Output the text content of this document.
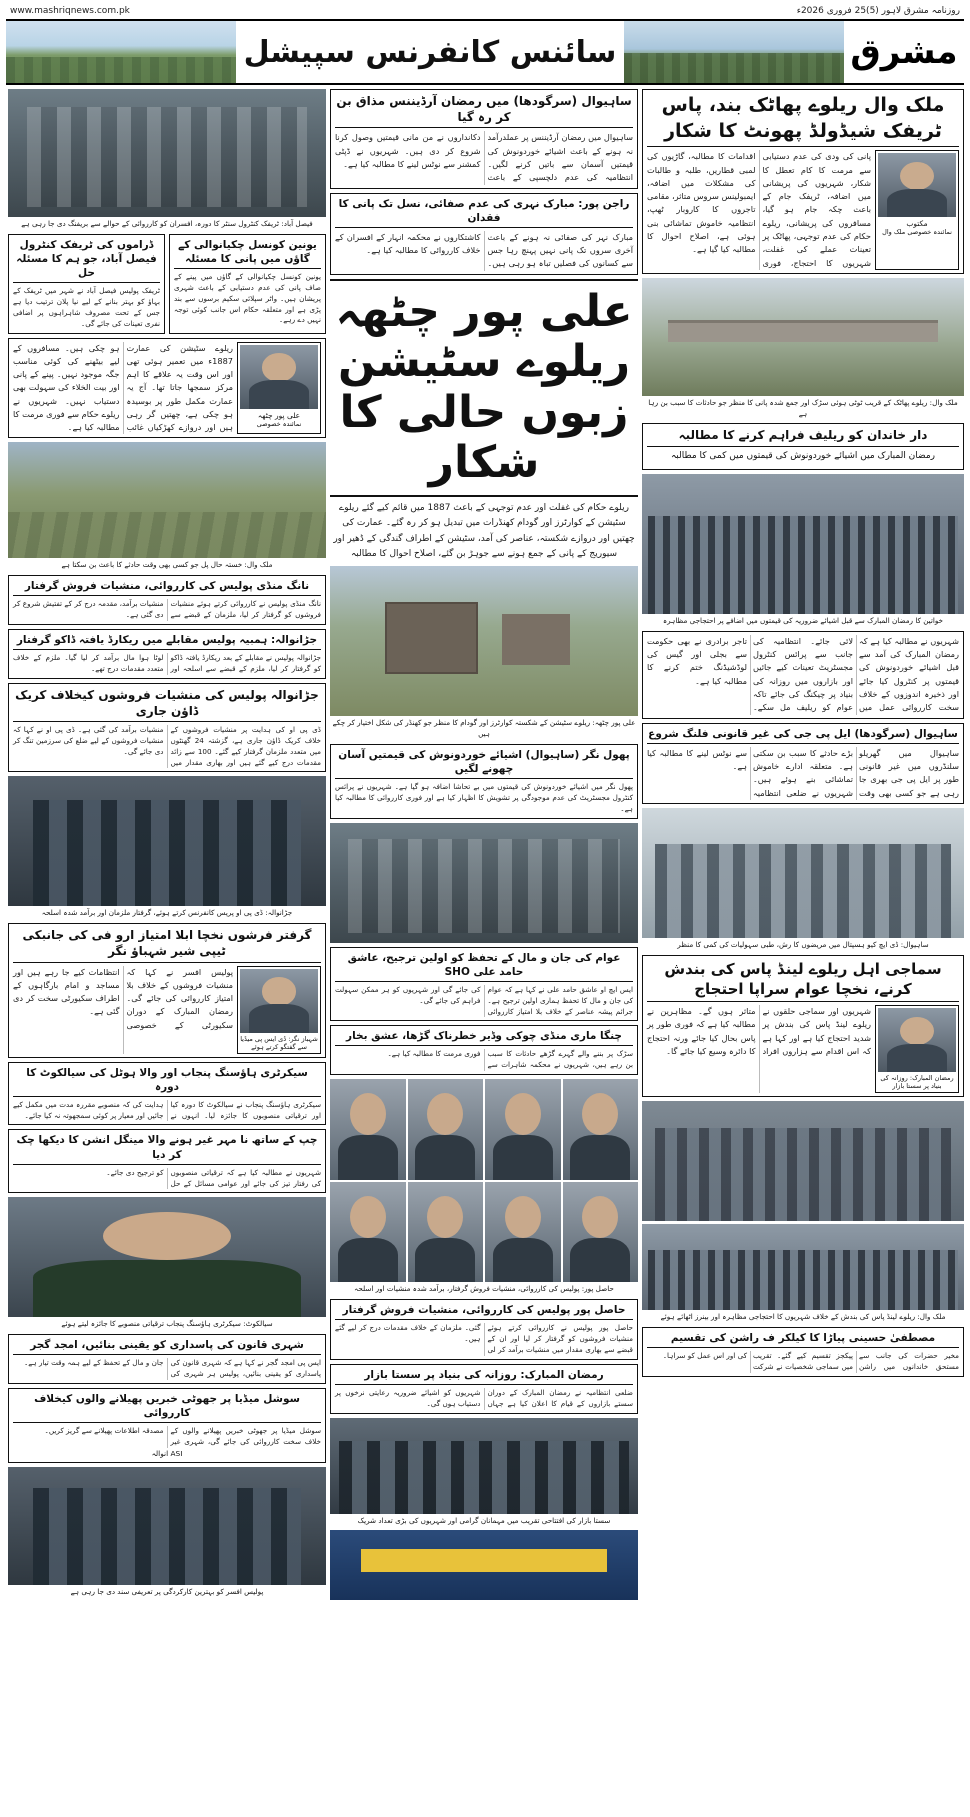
www.mashriqnews.com.pk	روزنامہ مشرق لاہور (5)25 فروری 2026ء
مشرق
سائنس کانفرنس سپیشل
ملک وال ریلوے پھاٹک بند، پاس ٹریفک شیڈولڈ پھونٹ کا شکار
مکتوب
نمائندہ خصوصی ملک وال
پانی کی ودی کی عدم دستیابی سے مرمت کا کام تعطل کا شکار، شہریوں کی پریشانی میں اضافہ، ٹریفک جام کے باعث چکہ جام ہو گیا، مسافروں کی پریشانی، ریلوے حکام کی عدم توجہی، پھاٹک پر تعینات عملے کی غفلت، شہریوں کا احتجاج، فوری اقدامات کا مطالبہ، گاڑیوں کی لمبی قطاریں، طلبہ و طالبات کی مشکلات میں اضافہ، ایمبولینس سروس متاثر، مقامی تاجروں کا کاروبار ٹھپ، انتظامیہ خاموش تماشائی بنی ہوئی ہے، اصلاح احوال کا مطالبہ کیا گیا ہے۔
ملک وال: ریلوے پھاٹک کے قریب ٹوٹی ہوئی سڑک اور جمع شدہ پانی کا منظر جو حادثات کا سبب بن رہا ہے
دار خاندان کو ریلیف فراہم کرنے کا مطالبہ
رمضان المبارک میں اشیائے خوردونوش کی قیمتوں میں کمی کا مطالبہ
خواتین کا رمضان المبارک سے قبل اشیائے ضروریہ کی قیمتوں میں اضافے پر احتجاجی مظاہرہ
شہریوں نے مطالبہ کیا ہے کہ رمضان المبارک کی آمد سے قبل اشیائے خوردونوش کی قیمتوں پر کنٹرول کیا جائے اور ذخیرہ اندوزوں کے خلاف سخت کارروائی عمل میں لائی جائے۔ انتظامیہ کی جانب سے پرائس کنٹرول مجسٹریٹ تعینات کیے جائیں اور بازاروں میں روزانہ کی بنیاد پر چیکنگ کی جائے تاکہ عوام کو ریلیف مل سکے۔ تاجر برادری نے بھی حکومت سے بجلی اور گیس کی لوڈشیڈنگ ختم کرنے کا مطالبہ کیا ہے۔
ساہیوال (سرگودھا) ایل پی جی کی غیر قانونی فلنگ شروع
ساہیوال میں گھریلو سلنڈروں میں غیر قانونی طور پر ایل پی جی بھری جا رہی ہے جو کسی بھی وقت بڑے حادثے کا سبب بن سکتی ہے۔ متعلقہ ادارے خاموش تماشائی بنے ہوئے ہیں۔ شہریوں نے ضلعی انتظامیہ سے نوٹس لینے کا مطالبہ کیا ہے۔
ساہیوال: ڈی ایچ کیو ہسپتال میں مریضوں کا رش، طبی سہولیات کی کمی کا منظر
سماجی اہل ریلوے لینڈ پاس کی بندش کرنے، نخچا عوام سراپا احتجاج
رمضان المبارک: روزانہ کی بنیاد پر سستا بازار
شہریوں اور سماجی حلقوں نے ریلوے لینڈ پاس کی بندش پر شدید احتجاج کیا ہے اور کہا ہے کہ اس اقدام سے ہزاروں افراد متاثر ہوں گے۔ مظاہرین نے مطالبہ کیا ہے کہ فوری طور پر پاس بحال کیا جائے ورنہ احتجاج کا دائرہ وسیع کیا جائے گا۔
ملک وال: ریلوے لینڈ پاس کی بندش کے خلاف شہریوں کا احتجاجی مظاہرہ اور بینرز اٹھائے ہوئے
مصطفیٰ حسینی پیاڑا کا کیلکر ف راشن کی تقسیم
مخیر حضرات کی جانب سے مستحق خاندانوں میں راشن پیکجز تقسیم کیے گئے۔ تقریب میں سماجی شخصیات نے شرکت کی اور اس عمل کو سراہا۔
ساہیوال (سرگودھا) میں رمضان آرڈیننس مذاق بن کر رہ گیا
ساہیوال میں رمضان آرڈیننس پر عملدرآمد نہ ہونے کے باعث اشیائے خوردونوش کی قیمتیں آسمان سے باتیں کرنے لگیں۔ انتظامیہ کی عدم دلچسپی کے باعث دکانداروں نے من مانی قیمتیں وصول کرنا شروع کر دی ہیں۔ شہریوں نے ڈپٹی کمشنر سے نوٹس لینے کا مطالبہ کیا ہے۔
راجن پور: مبارک نہری کی عدم صفائی، نسل تک پانی کا فقدان
مبارک نہر کی صفائی نہ ہونے کے باعث آخری سروں تک پانی نہیں پہنچ رہا جس سے کسانوں کی فصلیں تباہ ہو رہی ہیں۔ کاشتکاروں نے محکمہ انہار کے افسران کے خلاف کارروائی کا مطالبہ کیا ہے۔
علی پور چٹھہ ریلوے سٹیشن زبوں حالی کا شکار
ریلوے حکام کی غفلت اور عدم توجہی کے باعث 1887 میں قائم کیے گئے ریلوے سٹیشن کے کوارٹرز اور گودام کھنڈرات میں تبدیل ہو کر رہ گئے۔ عمارت کی چھتیں اور دروازے شکستہ، عناصر کی آمد، سٹیشن کے اطراف گندگی کے ڈھیر اور سیوریج کے پانی کے جمع ہونے سے جوہڑ بن گئے، اصلاح احوال کا مطالبہ
علی پور چٹھہ: ریلوے سٹیشن کے شکستہ کوارٹرز اور گودام کا منظر جو کھنڈر کی شکل اختیار کر چکے ہیں
پھول نگر (ساہیوال) اشیائے خوردونوش کی قیمتیں آسان چھونے لگیں
پھول نگر میں اشیائے خوردونوش کی قیمتوں میں بے تحاشا اضافہ ہو گیا ہے۔ شہریوں نے پرائس کنٹرول مجسٹریٹ کی عدم موجودگی پر تشویش کا اظہار کیا ہے اور فوری کارروائی کا مطالبہ کیا ہے۔
عوام کی جان و مال کے تحفظ کو اولین ترجیح، عاشق حامد علی SHO
ایس ایچ او عاشق حامد علی نے کہا ہے کہ عوام کی جان و مال کا تحفظ ہماری اولین ترجیح ہے۔ جرائم پیشہ عناصر کے خلاف بلا امتیاز کارروائی کی جائے گی اور شہریوں کو ہر ممکن سہولت فراہم کی جائے گی۔
چنگا ماری منڈی چوکی وڈیر خطرناک گڑھا، عشق بخار
سڑک پر بننے والے گہرے گڑھے حادثات کا سبب بن رہے ہیں، شہریوں نے محکمہ شاہرات سے فوری مرمت کا مطالبہ کیا ہے۔
حاصل پور: پولیس کی کارروائی، منشیات فروش گرفتار، برآمد شدہ منشیات اور اسلحہ
حاصل پور پولیس کی کارروائی، منشیات فروش گرفتار
حاصل پور پولیس نے کارروائی کرتے ہوئے منشیات فروشوں کو گرفتار کر لیا اور ان کے قبضے سے بھاری مقدار میں منشیات برآمد کر لی گئی۔ ملزمان کے خلاف مقدمات درج کر لیے گئے ہیں۔
رمضان المبارک: روزانہ کی بنیاد پر سستا بازار
ضلعی انتظامیہ نے رمضان المبارک کے دوران سستے بازاروں کے قیام کا اعلان کیا ہے جہاں شہریوں کو اشیائے ضروریہ رعایتی نرخوں پر دستیاب ہوں گی۔
سستا بازار کی افتتاحی تقریب میں مہمانان گرامی اور شہریوں کی بڑی تعداد شریک
فیصل آباد: ٹریفک کنٹرول سنٹر کا دورہ، افسران کو کارروائی کے حوالے سے بریفنگ دی جا رہی ہے
یونین کونسل چکیانوالی کے گاؤں میں پانی کا مسئلہ
یونین کونسل چکیانوالی کے گاؤں میں پینے کے صاف پانی کی عدم دستیابی کے باعث شہری پریشان ہیں۔ واٹر سپلائی سکیم برسوں سے بند پڑی ہے اور متعلقہ حکام اس جانب کوئی توجہ نہیں دے رہے۔
ڈراموں کی ٹریفک کنٹرول فیصل آباد، جو ہم کا مسئلہ حل
ٹریفک پولیس فیصل آباد نے شہر میں ٹریفک کے بہاؤ کو بہتر بنانے کے لیے نیا پلان ترتیب دیا ہے جس کے تحت مصروف شاہراہوں پر اضافی نفری تعینات کی جائے گی۔
علی پور چٹھہ
نمائندہ خصوصی
ریلوے سٹیشن کی عمارت 1887ء میں تعمیر ہوئی تھی اور اس وقت یہ علاقے کا اہم مرکز سمجھا جاتا تھا۔ آج یہ عمارت مکمل طور پر بوسیدہ ہو چکی ہے، چھتیں گر رہی ہیں اور دروازے کھڑکیاں غائب ہو چکی ہیں۔ مسافروں کے لیے بیٹھنے کی کوئی مناسب جگہ موجود نہیں۔ پینے کے پانی اور بیت الخلاء کی سہولت بھی دستیاب نہیں۔ شہریوں نے ریلوے حکام سے فوری مرمت کا مطالبہ کیا ہے۔
ملک وال: خستہ حال پل جو کسی بھی وقت حادثے کا باعث بن سکتا ہے
نانگ منڈی پولیس کی کارروائی، منشیات فروش گرفتار
نانگ منڈی پولیس نے کارروائی کرتے ہوئے منشیات فروشوں کو گرفتار کر لیا، ملزمان کے قبضے سے منشیات برآمد، مقدمہ درج کر کے تفتیش شروع کر دی گئی ہے۔
جڑانوالہ: ہمبیہ پولیس مقابلے میں ریکارڈ یافتہ ڈاکو گرفتار
جڑانوالہ پولیس نے مقابلے کے بعد ریکارڈ یافتہ ڈاکو کو گرفتار کر لیا، ملزم کے قبضے سے اسلحہ اور لوٹا ہوا مال برآمد کر لیا گیا۔ ملزم کے خلاف متعدد مقدمات درج تھے۔
جڑانوالہ پولیس کی منشیات فروشوں کیخلاف کریک ڈاؤن جاری
ڈی پی او کی ہدایت پر منشیات فروشوں کے خلاف کریک ڈاؤن جاری ہے، گزشتہ 24 گھنٹوں میں متعدد ملزمان گرفتار کیے گئے۔ 100 سے زائد مقدمات درج کیے گئے ہیں اور بھاری مقدار میں منشیات برآمد کی گئی ہے۔ ڈی پی او نے کہا کہ منشیات فروشوں کے لیے ضلع کی سرزمین تنگ کر دی جائے گی۔
جڑانوالہ: ڈی پی او پریس کانفرنس کرتے ہوئے، گرفتار ملزمان اور برآمد شدہ اسلحہ
گرفتر فرشوں نخچا ابلا امتیاز ارو فی کی جانبکی ٹیپی شیر شہباؤ نگر
شہباز نگر: ڈی ایس پی میڈیا سے گفتگو کرتے ہوئے
پولیس افسر نے کہا کہ منشیات فروشوں کے خلاف بلا امتیاز کارروائی کی جائے گی۔ رمضان المبارک کے دوران سکیورٹی کے خصوصی انتظامات کیے جا رہے ہیں اور مساجد و امام بارگاہوں کے اطراف سکیورٹی سخت کر دی گئی ہے۔
سیکرٹری ہاؤسنگ پنجاب اور والا ہوٹل کی سیالکوٹ کا دورہ
سیکرٹری ہاؤسنگ پنجاب نے سیالکوٹ کا دورہ کیا اور ترقیاتی منصوبوں کا جائزہ لیا۔ انہوں نے ہدایت کی کہ منصوبے مقررہ مدت میں مکمل کیے جائیں اور معیار پر کوئی سمجھوتہ نہ کیا جائے۔
چپ کے ساتھ نا مہر غیر ہونے والا مینگل انشن کا دیکھا چک کر دیا
شہریوں نے مطالبہ کیا ہے کہ ترقیاتی منصوبوں کی رفتار تیز کی جائے اور عوامی مسائل کے حل کو ترجیح دی جائے۔
سیالکوٹ: سیکرٹری ہاؤسنگ پنجاب ترقیاتی منصوبے کا جائزہ لیتے ہوئے
شہری قانون کی پاسداری کو یقینی بنائیں، امجد گجر
ایس پی امجد گجر نے کہا ہے کہ شہری قانون کی پاسداری کو یقینی بنائیں، پولیس ہر شہری کی جان و مال کے تحفظ کے لیے ہمہ وقت تیار ہے۔
سوشل میڈیا پر جھوٹی خبریں پھیلانے والوں کیخلاف کارروائی
سوشل میڈیا پر جھوٹی خبریں پھیلانے والوں کے خلاف سخت کارروائی کی جائے گی، شہری غیر مصدقہ اطلاعات پھیلانے سے گریز کریں۔
ASI انوالہ
پولیس افسر کو بہترین کارکردگی پر تعریفی سند دی جا رہی ہے
